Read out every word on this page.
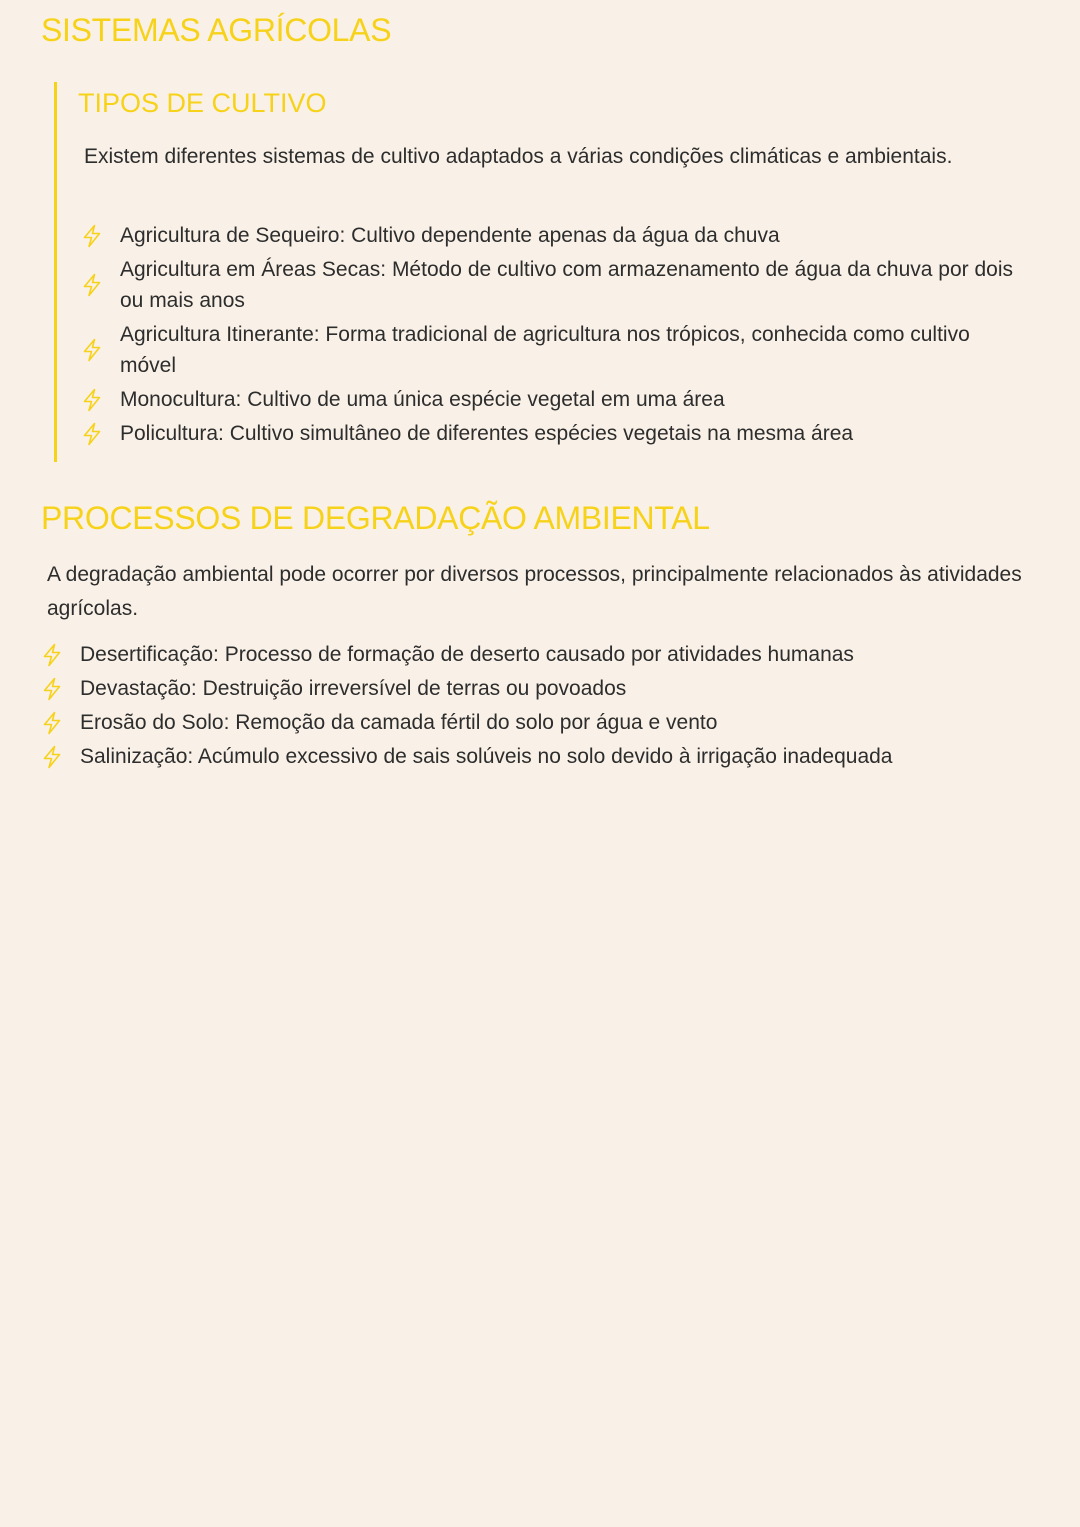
SISTEMAS AGRÍCOLAS
TIPOS DE CULTIVO

Existem diferentes sistemas de cultivo adaptados a várias condições climáticas e ambientais.

Agricultura de Sequeiro: Cultivo dependente apenas da água da chuva
Agricultura em Áreas Secas: Método de cultivo com armazenamento de água da chuva por dois ou mais anos
Agricultura Itinerante: Forma tradicional de agricultura nos trópicos, conhecida como cultivo móvel
Monocultura: Cultivo de uma única espécie vegetal em uma área
Policultura: Cultivo simultâneo de diferentes espécies vegetais na mesma área
PROCESSOS DE DEGRADAÇÃO AMBIENTAL

A degradação ambiental pode ocorrer por diversos processos, principalmente relacionados às atividades agrícolas.

Desertificação: Processo de formação de deserto causado por atividades humanas
Devastação: Destruição irreversível de terras ou povoados
Erosão do Solo: Remoção da camada fértil do solo por água e vento
Salinização: Acúmulo excessivo de sais solúveis no solo devido à irrigação inadequada
